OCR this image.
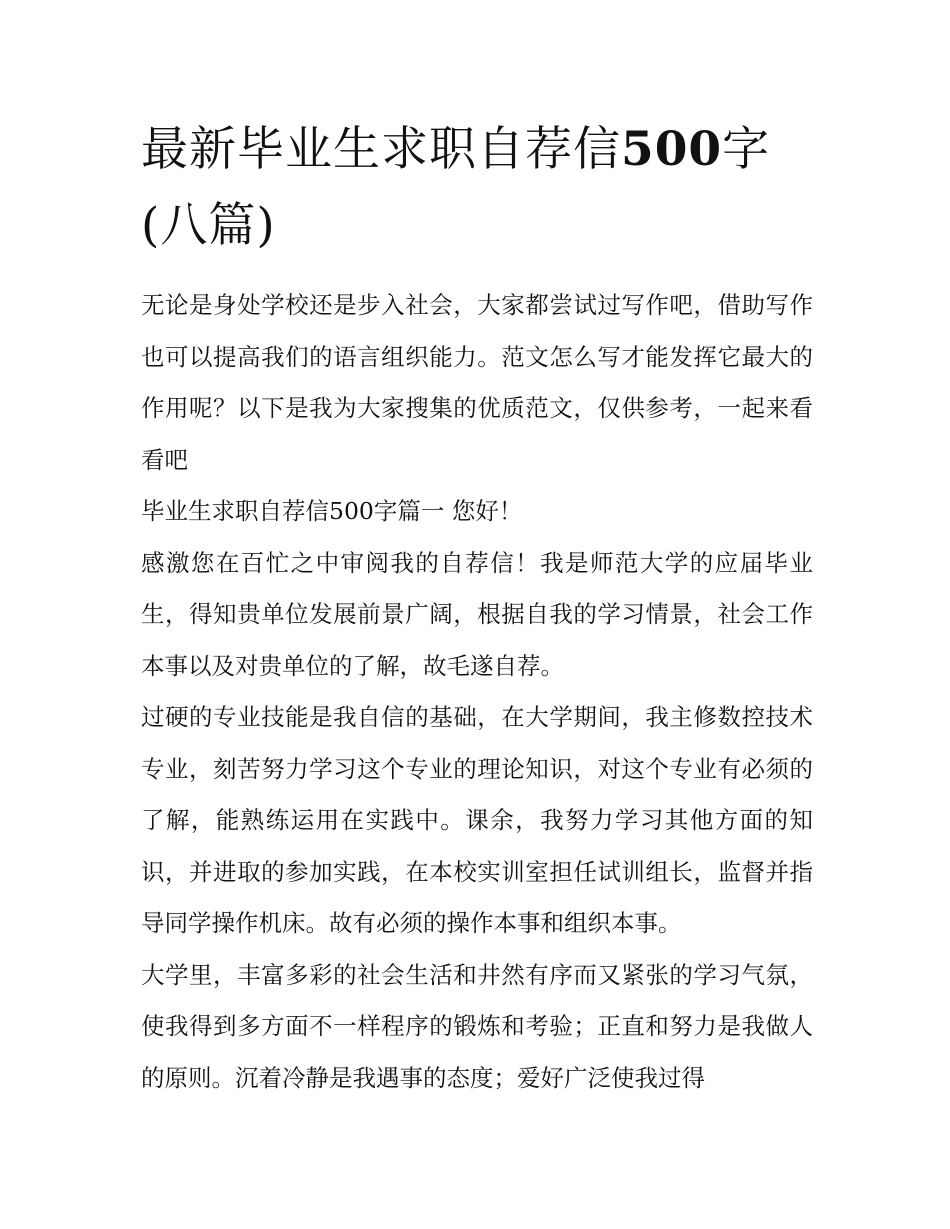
最新毕业生求职自荐信500字(八篇)

无论是身处学校还是步入社会，大家都尝试过写作吧，借助写作也可以提高我们的语言组织能力。范文怎么写才能发挥它最大的作用呢？以下是我为大家搜集的优质范文，仅供参考，一起来看看吧

毕业生求职自荐信500字篇一 您好！

感激您在百忙之中审阅我的自荐信！我是师范大学的应届毕业生，得知贵单位发展前景广阔，根据自我的学习情景，社会工作本事以及对贵单位的了解，故毛遂自荐。

过硬的专业技能是我自信的基础，在大学期间，我主修数控技术专业，刻苦努力学习这个专业的理论知识，对这个专业有必须的了解，能熟练运用在实践中。课余，我努力学习其他方面的知识，并进取的参加实践，在本校实训室担任试训组长，监督并指导同学操作机床。故有必须的操作本事和组织本事。

大学里，丰富多彩的社会生活和井然有序而又紧张的学习气氛，使我得到多方面不一样程序的锻炼和考验；正直和努力是我做人的原则。沉着冷静是我遇事的态度；爱好广泛使我过得
